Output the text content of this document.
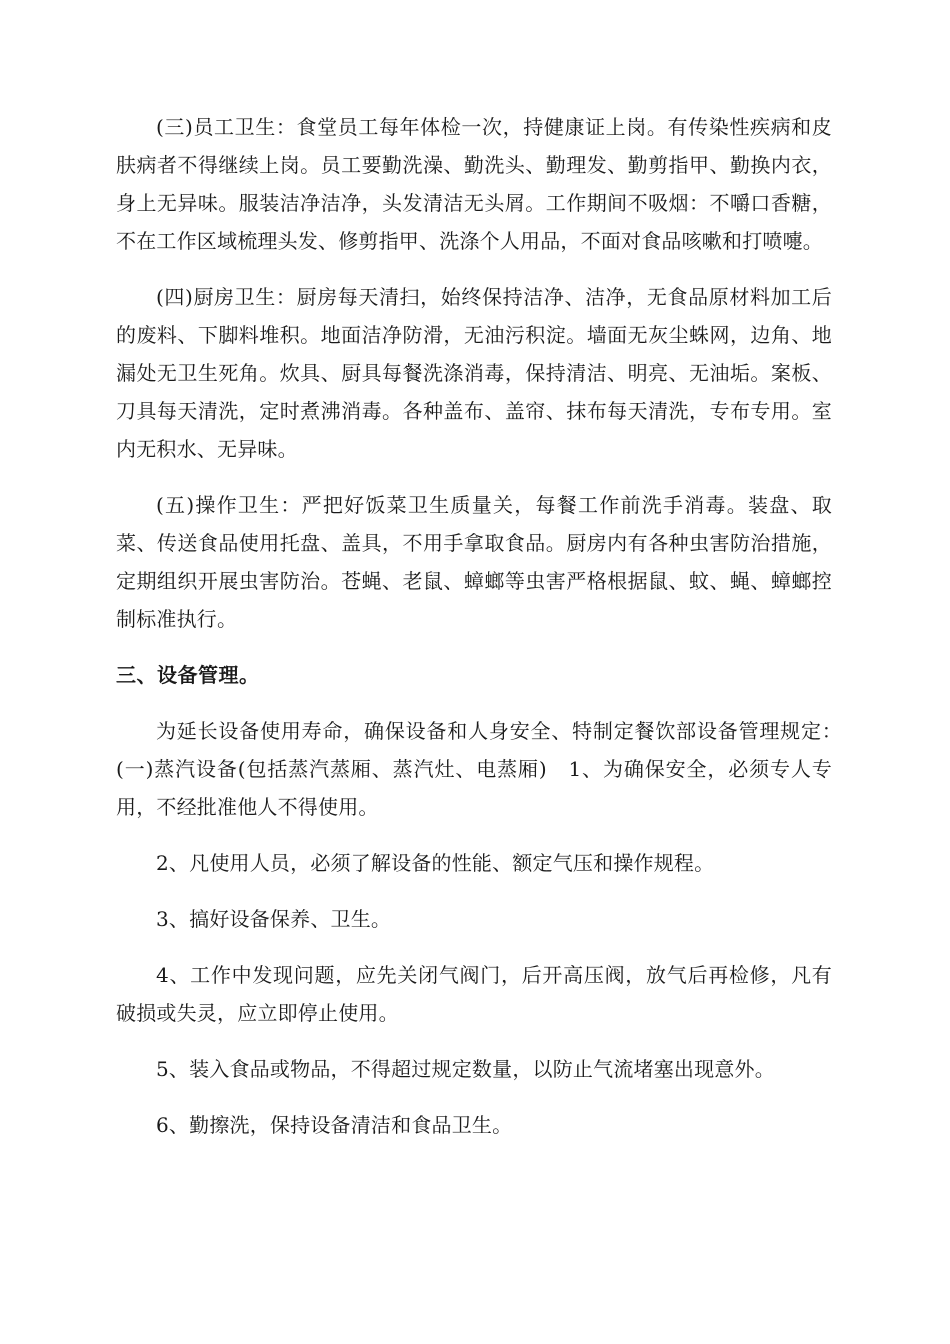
(三)员工卫生：食堂员工每年体检一次，持健康证上岗。有传染性疾病和皮肤病者不得继续上岗。员工要勤洗澡、勤洗头、勤理发、勤剪指甲、勤换内衣，身上无异味。服装洁净洁净，头发清洁无头屑。工作期间不吸烟：不嚼口香糖，不在工作区域梳理头发、修剪指甲、洗涤个人用品，不面对食品咳嗽和打喷嚏。

(四)厨房卫生：厨房每天清扫，始终保持洁净、洁净，无食品原材料加工后的废料、下脚料堆积。地面洁净防滑，无油污积淀。墙面无灰尘蛛网，边角、地漏处无卫生死角。炊具、厨具每餐洗涤消毒，保持清洁、明亮、无油垢。案板、刀具每天清洗，定时煮沸消毒。各种盖布、盖帘、抹布每天清洗，专布专用。室内无积水、无异味。

(五)操作卫生：严把好饭菜卫生质量关，每餐工作前洗手消毒。装盘、取菜、传送食品使用托盘、盖具，不用手拿取食品。厨房内有各种虫害防治措施，定期组织开展虫害防治。苍蝇、老鼠、蟑螂等虫害严格根据鼠、蚊、蝇、蟑螂控制标准执行。

三、设备管理。

为延长设备使用寿命，确保设备和人身安全、特制定餐饮部设备管理规定：　(一)蒸汽设备(包括蒸汽蒸厢、蒸汽灶、电蒸厢)　1、为确保安全，必须专人专用，不经批准他人不得使用。

2、凡使用人员，必须了解设备的性能、额定气压和操作规程。

3、搞好设备保养、卫生。

4、工作中发现问题，应先关闭气阀门，后开高压阀，放气后再检修，凡有破损或失灵，应立即停止使用。

5、装入食品或物品，不得超过规定数量，以防止气流堵塞出现意外。

6、勤擦洗，保持设备清洁和食品卫生。
